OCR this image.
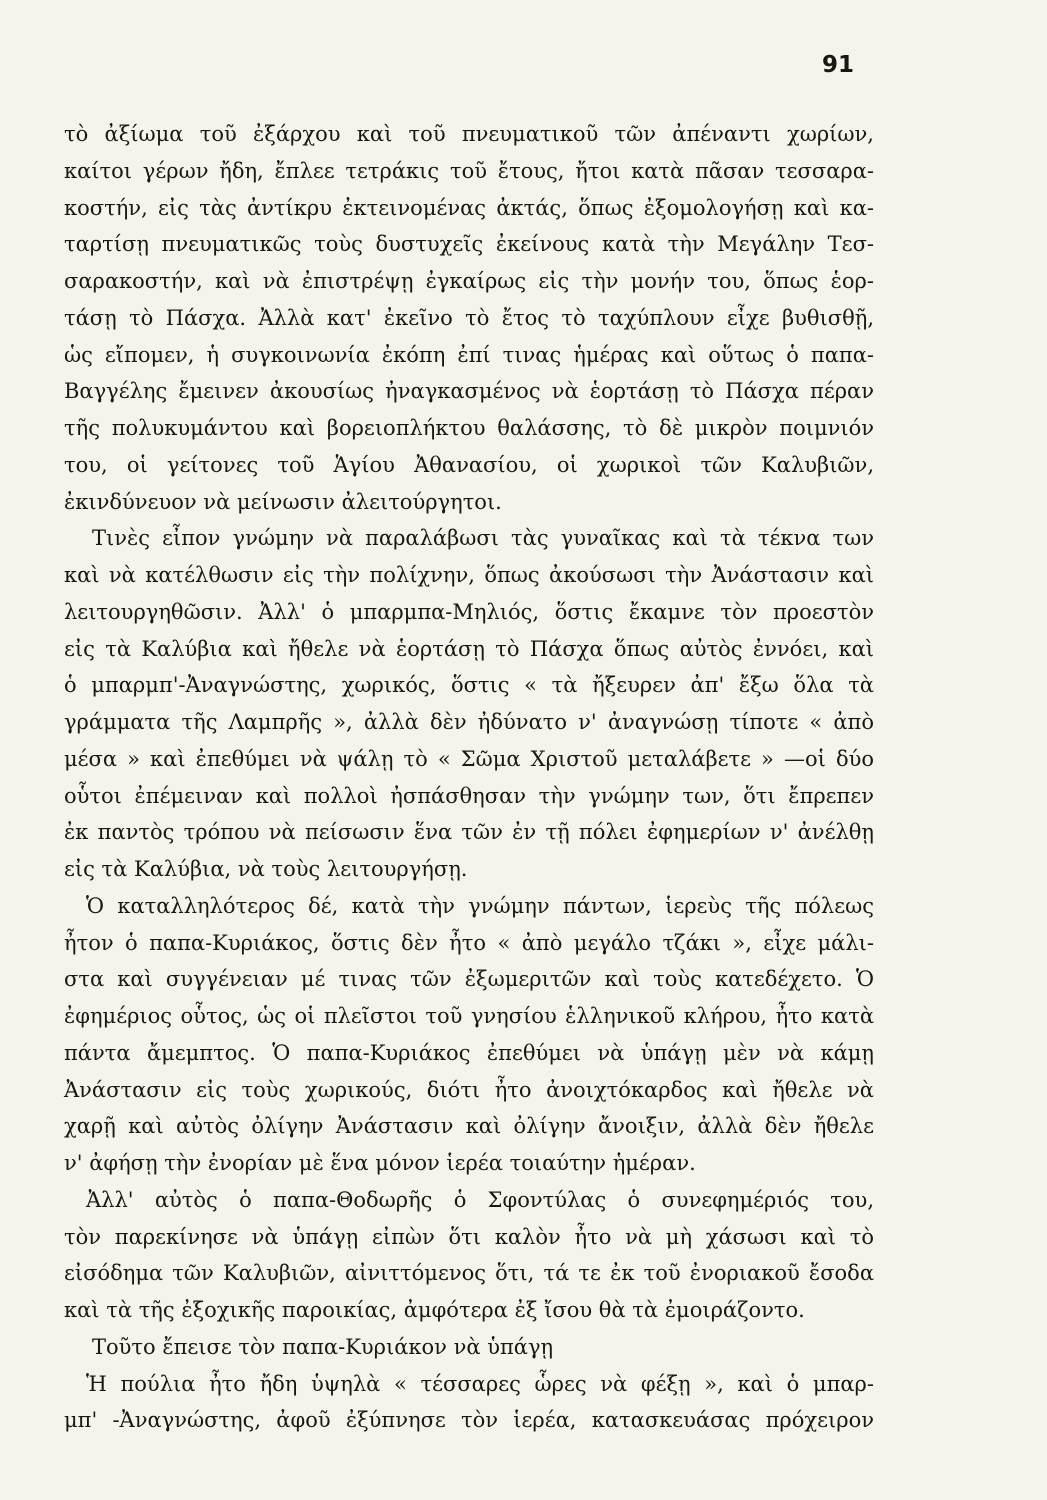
91
τὸ ἀξίωμα τοῦ ἐξάρχου καὶ τοῦ πνευματικοῦ τῶν ἀπέναντι χωρίων,
καίτοι γέρων ἤδη, ἔπλεε τετράκις τοῦ ἔτους, ἤτοι κατὰ πᾶσαν τεσσαρα-
κοστήν, εἰς τὰς ἀντίκρυ ἐκτεινομένας ἀκτάς, ὅπως ἐξομολογήσῃ καὶ κα-
ταρτίσῃ πνευματικῶς τοὺς δυστυχεῖς ἐκείνους κατὰ τὴν Μεγάλην Τεσ-
σαρακοστήν, καὶ νὰ ἐπιστρέψῃ ἐγκαίρως εἰς τὴν μονήν του, ὅπως ἑορ-
τάσῃ τὸ Πάσχα. Ἀλλὰ κατ' ἐκεῖνο τὸ ἔτος τὸ ταχύπλουν εἶχε βυθισθῇ,
ὡς εἴπομεν, ἡ συγκοινωνία ἐκόπη ἐπί τινας ἡμέρας καὶ οὕτως ὁ παπα-
Βαγγέλης ἔμεινεν ἀκουσίως ἠναγκασμένος νὰ ἑορτάσῃ τὸ Πάσχα πέραν
τῆς πολυκυμάντου καὶ βορειοπλήκτου θαλάσσης, τὸ δὲ μικρὸν ποιμνιόν
του, οἱ γείτονες τοῦ Ἁγίου Ἀθανασίου, οἱ χωρικοὶ τῶν Καλυβιῶν,
ἐκινδύνευον νὰ μείνωσιν ἀλειτούργητοι.
Τινὲς εἶπον γνώμην νὰ παραλάβωσι τὰς γυναῖκας καὶ τὰ τέκνα των
καὶ νὰ κατέλθωσιν εἰς τὴν πολίχνην, ὅπως ἀκούσωσι τὴν Ἀνάστασιν καὶ
λειτουργηθῶσιν. Ἀλλ' ὁ μπαρμπα-Μηλιός, ὅστις ἔκαμνε τὸν προεστὸν
εἰς τὰ Καλύβια καὶ ἤθελε νὰ ἑορτάσῃ τὸ Πάσχα ὅπως αὐτὸς ἐννόει, καὶ
ὁ μπαρμπ'-Ἀναγνώστης, χωρικός, ὅστις « τὰ ἤξευρεν ἀπ' ἔξω ὅλα τὰ
γράμματα τῆς Λαμπρῆς », ἀλλὰ δὲν ἠδύνατο ν' ἀναγνώσῃ τίποτε « ἀπὸ
μέσα » καὶ ἐπεθύμει νὰ ψάλῃ τὸ « Σῶμα Χριστοῦ μεταλάβετε » —οἱ δύο
οὗτοι ἐπέμειναν καὶ πολλοὶ ἠσπάσθησαν τὴν γνώμην των, ὅτι ἔπρεπεν
ἐκ παντὸς τρόπου νὰ πείσωσιν ἕνα τῶν ἐν τῇ πόλει ἐφημερίων ν' ἀνέλθῃ
εἰς τὰ Καλύβια, νὰ τοὺς λειτουργήσῃ.
Ὁ καταλληλότερος δέ, κατὰ τὴν γνώμην πάντων, ἱερεὺς τῆς πόλεως
ἦτον ὁ παπα-Κυριάκος, ὅστις δὲν ἦτο « ἀπὸ μεγάλο τζάκι », εἶχε μάλι-
στα καὶ συγγένειαν μέ τινας τῶν ἐξωμεριτῶν καὶ τοὺς κατεδέχετο. Ὁ
ἐφημέριος οὗτος, ὡς οἱ πλεῖστοι τοῦ γνησίου ἑλληνικοῦ κλήρου, ἦτο κατὰ
πάντα ἄμεμπτος. Ὁ παπα-Κυριάκος ἐπεθύμει νὰ ὑπάγῃ μὲν νὰ κάμῃ
Ἀνάστασιν εἰς τοὺς χωρικούς, διότι ἦτο ἀνοιχτόκαρδος καὶ ἤθελε νὰ
χαρῇ καὶ αὐτὸς ὀλίγην Ἀνάστασιν καὶ ὀλίγην ἄνοιξιν, ἀλλὰ δὲν ἤθελε
ν' ἀφήσῃ τὴν ἐνορίαν μὲ ἕνα μόνον ἱερέα τοιαύτην ἡμέραν.
Ἀλλ' αὐτὸς ὁ παπα-Θοδωρῆς ὁ Σφοντύλας ὁ συνεφημέριός του,
τὸν παρεκίνησε νὰ ὑπάγῃ εἰπὼν ὅτι καλὸν ἦτο νὰ μὴ χάσωσι καὶ τὸ
εἰσόδημα τῶν Καλυβιῶν, αἰνιττόμενος ὅτι, τά τε ἐκ τοῦ ἐνοριακοῦ ἔσοδα
καὶ τὰ τῆς ἐξοχικῆς παροικίας, ἀμφότερα ἐξ ἴσου θὰ τὰ ἐμοιράζοντο.
Τοῦτο ἔπεισε τὸν παπα-Κυριάκον νὰ ὑπάγῃ
Ἡ πούλια ἦτο ἤδη ὑψηλὰ « τέσσαρες ὧρες νὰ φέξῃ », καὶ ὁ μπαρ-
μπ' -Ἀναγνώστης, ἀφοῦ ἐξύπνησε τὸν ἱερέα, κατασκευάσας πρόχειρον
